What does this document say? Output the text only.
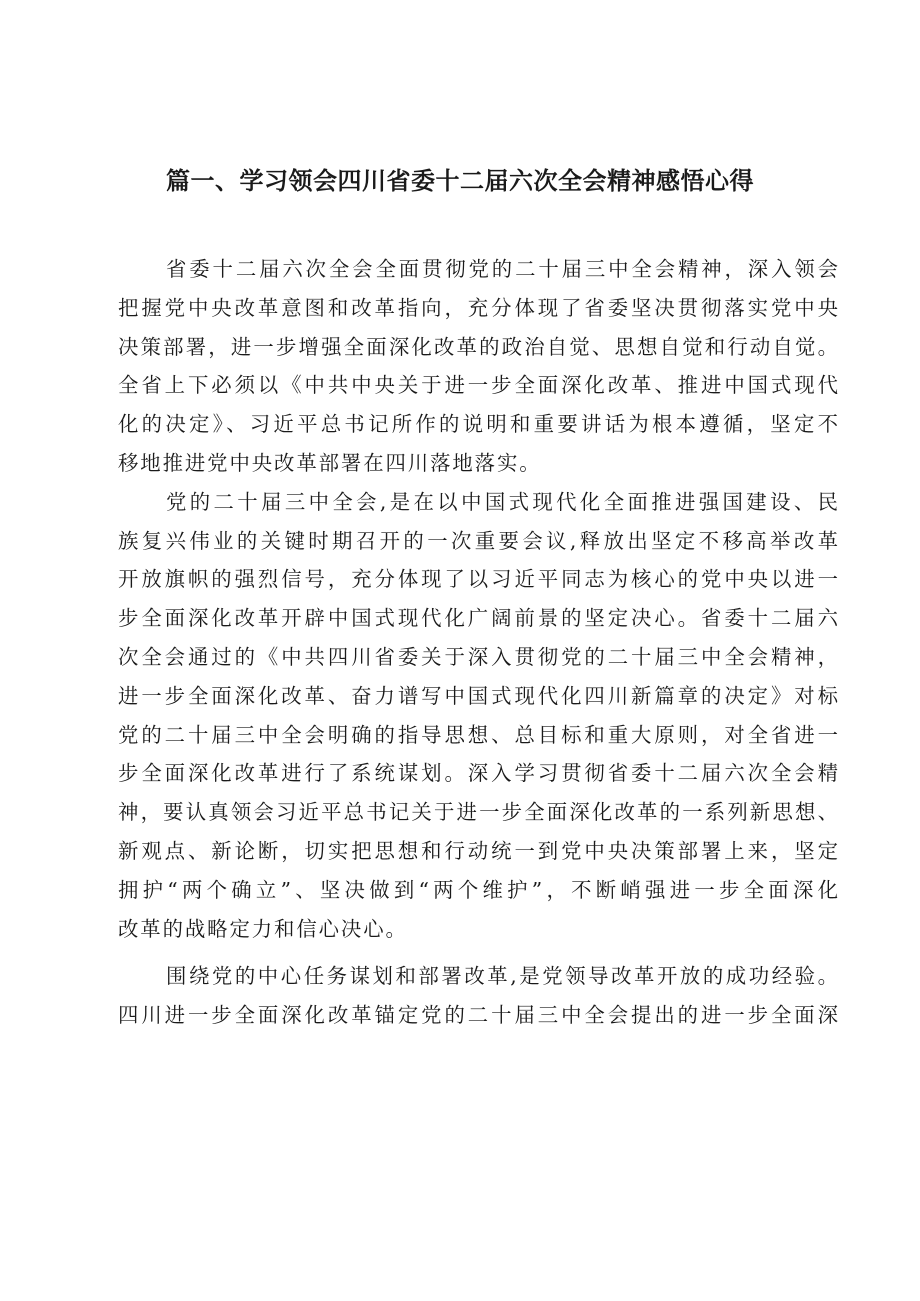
篇一、学习领会四川省委十二届六次全会精神感悟心得
省委十二届六次全会全面贯彻党的二十届三中全会精神，深入领会
把握党中央改革意图和改革指向，充分体现了省委坚决贯彻落实党中央
决策部署，进一步增强全面深化改革的政治自觉、思想自觉和行动自觉。
全省上下必须以《中共中央关于进一步全面深化改革、推进中国式现代
化的决定》、习近平总书记所作的说明和重要讲话为根本遵循，坚定不
移地推进党中央改革部署在四川落地落实。
党的二十届三中全会,是在以中国式现代化全面推进强国建设、民
族复兴伟业的关键时期召开的一次重要会议,释放出坚定不移高举改革
开放旗帜的强烈信号，充分体现了以习近平同志为核心的党中央以进一
步全面深化改革开辟中国式现代化广阔前景的坚定决心。省委十二届六
次全会通过的《中共四川省委关于深入贯彻党的二十届三中全会精神，
进一步全面深化改革、奋力谱写中国式现代化四川新篇章的决定》对标
党的二十届三中全会明确的指导思想、总目标和重大原则，对全省进一
步全面深化改革进行了系统谋划。深入学习贯彻省委十二届六次全会精
神，要认真领会习近平总书记关于进一步全面深化改革的一系列新思想、
新观点、新论断，切实把思想和行动统一到党中央决策部署上来，坚定
拥护“两个确立”、坚决做到“两个维护”，不断峭强进一步全面深化
改革的战略定力和信心决心。
围绕党的中心任务谋划和部署改革,是党领导改革开放的成功经验。
四川进一步全面深化改革锚定党的二十届三中全会提出的进一步全面深
